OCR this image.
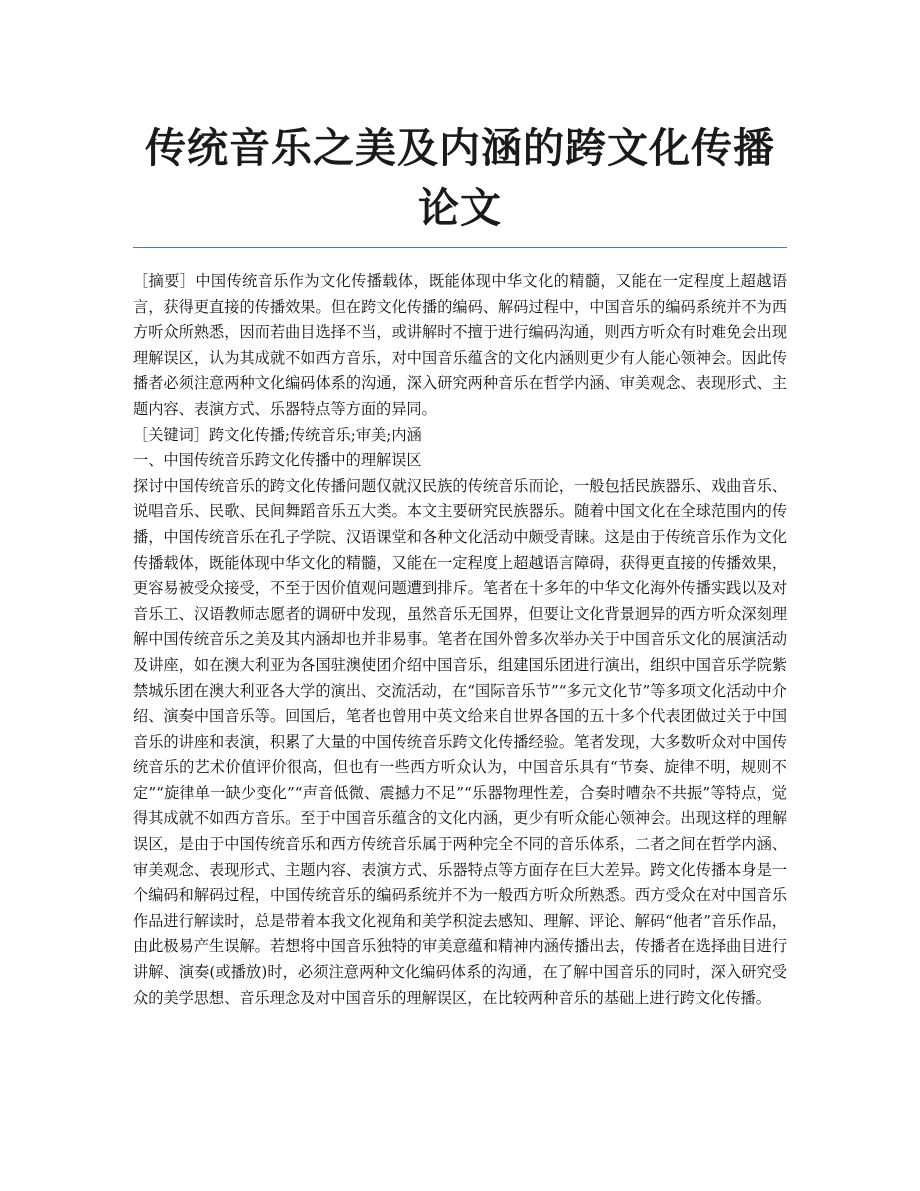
传统音乐之美及内涵的跨文化传播论文

［摘要］中国传统音乐作为文化传播载体，既能体现中华文化的精髓，又能在一定程度上超越语言，获得更直接的传播效果。但在跨文化传播的编码、解码过程中，中国音乐的编码系统并不为西方听众所熟悉，因而若曲目选择不当，或讲解时不擅于进行编码沟通，则西方听众有时难免会出现理解误区，认为其成就不如西方音乐，对中国音乐蕴含的文化内涵则更少有人能心领神会。因此传播者必须注意两种文化编码体系的沟通，深入研究两种音乐在哲学内涵、审美观念、表现形式、主题内容、表演方式、乐器特点等方面的异同。

［关键词］跨文化传播;传统音乐;审美;内涵

一、中国传统音乐跨文化传播中的理解误区

探讨中国传统音乐的跨文化传播问题仅就汉民族的传统音乐而论，一般包括民族器乐、戏曲音乐、说唱音乐、民歌、民间舞蹈音乐五大类。本文主要研究民族器乐。随着中国文化在全球范围内的传播，中国传统音乐在孔子学院、汉语课堂和各种文化活动中颇受青睐。这是由于传统音乐作为文化传播载体，既能体现中华文化的精髓，又能在一定程度上超越语言障碍，获得更直接的传播效果，更容易被受众接受，不至于因价值观问题遭到排斥。笔者在十多年的中华文化海外传播实践以及对音乐工、汉语教师志愿者的调研中发现，虽然音乐无国界，但要让文化背景迥异的西方听众深刻理解中国传统音乐之美及其内涵却也并非易事。笔者在国外曾多次举办关于中国音乐文化的展演活动及讲座，如在澳大利亚为各国驻澳使团介绍中国音乐，组建国乐团进行演出，组织中国音乐学院紫禁城乐团在澳大利亚各大学的演出、交流活动，在“国际音乐节”“多元文化节”等多项文化活动中介绍、演奏中国音乐等。回国后，笔者也曾用中英文给来自世界各国的五十多个代表团做过关于中国音乐的讲座和表演，积累了大量的中国传统音乐跨文化传播经验。笔者发现，大多数听众对中国传统音乐的艺术价值评价很高，但也有一些西方听众认为，中国音乐具有“节奏、旋律不明，规则不定”“旋律单一缺少变化”“声音低微、震撼力不足”“乐器物理性差，合奏时嘈杂不共振”等特点，觉得其成就不如西方音乐。至于中国音乐蕴含的文化内涵，更少有听众能心领神会。出现这样的理解误区，是由于中国传统音乐和西方传统音乐属于两种完全不同的音乐体系，二者之间在哲学内涵、审美观念、表现形式、主题内容、表演方式、乐器特点等方面存在巨大差异。跨文化传播本身是一个编码和解码过程，中国传统音乐的编码系统并不为一般西方听众所熟悉。西方受众在对中国音乐作品进行解读时，总是带着本我文化视角和美学积淀去感知、理解、评论、解码“他者”音乐作品，由此极易产生误解。若想将中国音乐独特的审美意蕴和精神内涵传播出去，传播者在选择曲目进行讲解、演奏(或播放)时，必须注意两种文化编码体系的沟通，在了解中国音乐的同时，深入研究受众的美学思想、音乐理念及对中国音乐的理解误区，在比较两种音乐的基础上进行跨文化传播。
